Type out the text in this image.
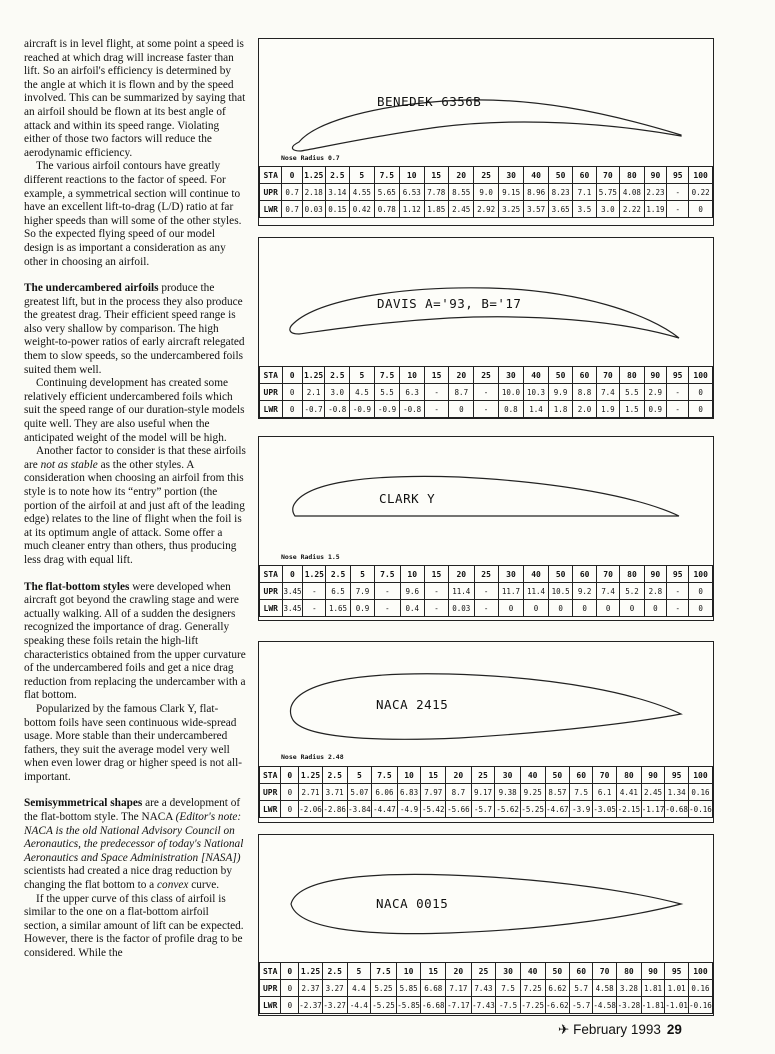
aircraft is in level flight, at some point a speed is reached at which drag will increase faster than lift. So an airfoil's efficiency is determined by the angle at which it is flown and by the speed involved. This can be summarized by saying that an airfoil should be flown at its best angle of attack and within its speed range. Violating either of those two factors will reduce the aerodynamic efficiency.

The various airfoil contours have greatly different reactions to the factor of speed. For example, a symmetrical section will continue to have an excellent lift-to-drag (L/D) ratio at far higher speeds than will some of the other styles. So the expected flying speed of our model design is as important a consideration as any other in choosing an airfoil.

The undercambered airfoils produce the greatest lift, but in the process they also produce the greatest drag. Their efficient speed range is also very shallow by comparison. The high weight-to-power ratios of early aircraft relegated them to slow speeds, so the undercambered foils suited them well.

Continuing development has created some relatively efficient undercambered foils which suit the speed range of our duration-style models quite well. They are also useful when the anticipated weight of the model will be high.

Another factor to consider is that these airfoils are not as stable as the other styles. A consideration when choosing an airfoil from this style is to note how its “entry” portion (the portion of the airfoil at and just aft of the leading edge) relates to the line of flight when the foil is at its optimum angle of attack. Some offer a much cleaner entry than others, thus producing less drag with equal lift.

The flat-bottom styles were developed when aircraft got beyond the crawling stage and were actually walking. All of a sudden the designers recognized the importance of drag. Generally speaking these foils retain the high-lift characteristics obtained from the upper curvature of the undercambered foils and get a nice drag reduction from replacing the undercamber with a flat bottom.

Popularized by the famous Clark Y, flat-bottom foils have seen continuous wide-spread usage. More stable than their undercambered fathers, they suit the average model very well when even lower drag or higher speed is not all-important.

Semisymmetrical shapes are a development of the flat-bottom style. The NACA (Editor's note: NACA is the old National Advisory Council on Aeronautics, the predecessor of today's National Aeronautics and Space Administration [NASA]) scientists had created a nice drag reduction by changing the flat bottom to a convex curve.

If the upper curve of this class of airfoil is similar to the one on a flat-bottom airfoil section, a similar amount of lift can be expected. However, there is the factor of profile drag to be considered. While the

BENEDEK 6356B
Nose Radius 0.7
STA	0	1.25	2.5	5	7.5	10	15	20	25	30	40	50	60	70	80	90	95	100
UPR	0.7	2.18	3.14	4.55	5.65	6.53	7.78	8.55	9.0	9.15	8.96	8.23	7.1	5.75	4.08	2.23	-	0.22
LWR	0.7	0.03	0.15	0.42	0.78	1.12	1.85	2.45	2.92	3.25	3.57	3.65	3.5	3.0	2.22	1.19	-	0
DAVIS A='93, B='17
STA	0	1.25	2.5	5	7.5	10	15	20	25	30	40	50	60	70	80	90	95	100
UPR	0	2.1	3.0	4.5	5.5	6.3	-	8.7	-	10.0	10.3	9.9	8.8	7.4	5.5	2.9	-	0
LWR	0	-0.7	-0.8	-0.9	-0.9	-0.8	-	0	-	0.8	1.4	1.8	2.0	1.9	1.5	0.9	-	0
CLARK Y
Nose Radius 1.5
STA	0	1.25	2.5	5	7.5	10	15	20	25	30	40	50	60	70	80	90	95	100
UPR	3.45	-	6.5	7.9	-	9.6	-	11.4	-	11.7	11.4	10.5	9.2	7.4	5.2	2.8	-	0
LWR	3.45	-	1.65	0.9	-	0.4	-	0.03	-	0	0	0	0	0	0	0	-	0
NACA 2415
Nose Radius 2.48
STA	0	1.25	2.5	5	7.5	10	15	20	25	30	40	50	60	70	80	90	95	100
UPR	0	2.71	3.71	5.07	6.06	6.83	7.97	8.7	9.17	9.38	9.25	8.57	7.5	6.1	4.41	2.45	1.34	0.16
LWR	0	-2.06	-2.86	-3.84	-4.47	-4.9	-5.42	-5.66	-5.7	-5.62	-5.25	-4.67	-3.9	-3.05	-2.15	-1.17	-0.68	-0.16
NACA 0015
STA	0	1.25	2.5	5	7.5	10	15	20	25	30	40	50	60	70	80	90	95	100
UPR	0	2.37	3.27	4.4	5.25	5.85	6.68	7.17	7.43	7.5	7.25	6.62	5.7	4.58	3.28	1.81	1.01	0.16
LWR	0	-2.37	-3.27	-4.4	-5.25	-5.85	-6.68	-7.17	-7.43	-7.5	-7.25	-6.62	-5.7	-4.58	-3.28	-1.81	-1.01	-0.16
✈ February 1993 29
